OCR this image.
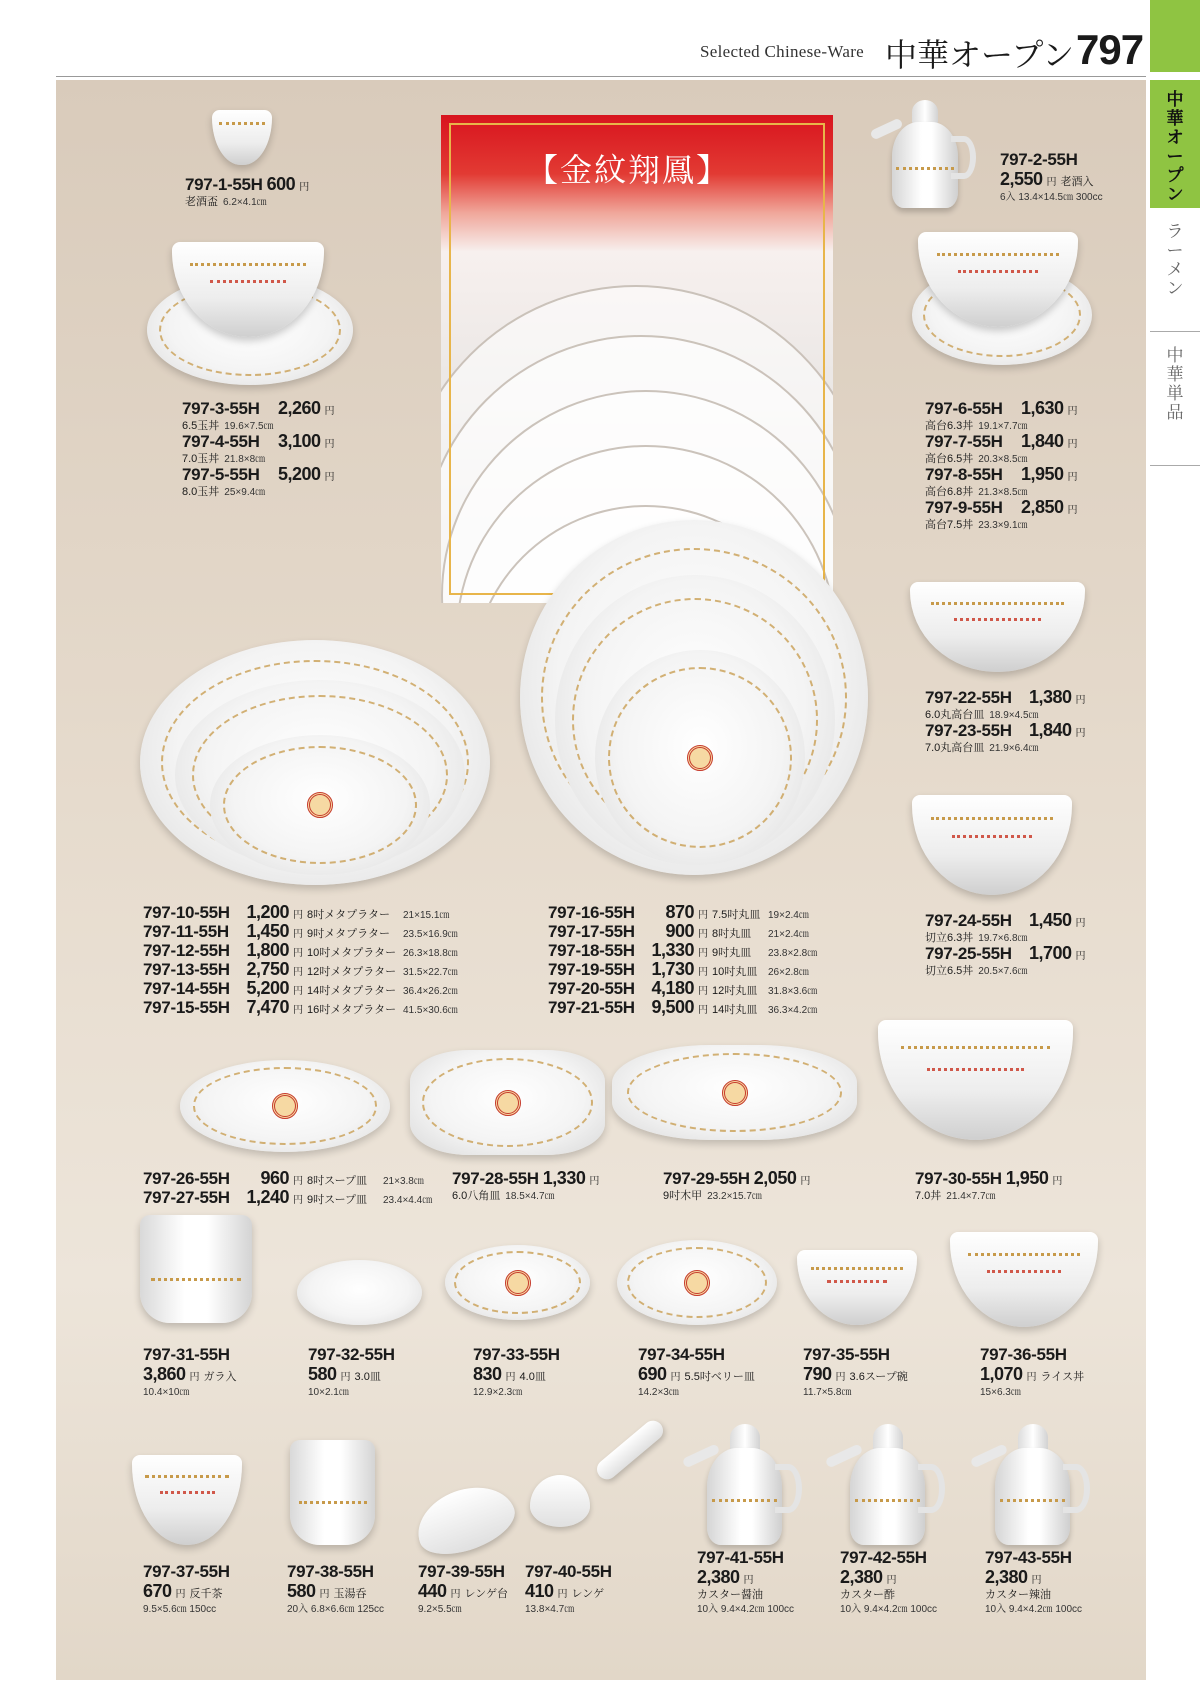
Selected Chinese-Ware 中華オープン 797
中
華
オ
ー
プ
ン
ラ
ー
メ
ン
中
華
単
品
【金紋翔鳳】
797-1-55H 600 円
老酒盃 6.2×4.1㎝
797-2-55H
2,550 円 老酒入
6入 13.4×14.5㎝ 300cc
797-3-55H	2,260 円
6.5玉丼 19.6×7.5㎝
797-4-55H	3,100 円
7.0玉丼 21.8×8㎝
797-5-55H	5,200 円
8.0玉丼 25×9.4㎝
797-6-55H	1,630 円
高台6.3丼 19.1×7.7㎝
797-7-55H	1,840 円
高台6.5丼 20.3×8.5㎝
797-8-55H	1,950 円
高台6.8丼 21.3×8.5㎝
797-9-55H	2,850 円
高台7.5丼 23.3×9.1㎝
797-22-55H 1,380 円
6.0丸高台皿 18.9×4.5㎝
797-23-55H 1,840 円
7.0丸高台皿 21.9×6.4㎝
797-10-55H 1,200 円 8吋メタプラター	21×15.1㎝
797-11-55H 1,450 円 9吋メタプラター	23.5×16.9㎝
797-12-55H 1,800 円 10吋メタプラター 26.3×18.8㎝
797-13-55H 2,750 円 12吋メタプラター 31.5×22.7㎝
797-14-55H 5,200 円 14吋メタプラター 36.4×26.2㎝
797-15-55H 7,470 円 16吋メタプラター 41.5×30.6㎝
797-16-55H	870 円 7.5吋丸皿 19×2.4㎝
797-17-55H	900 円 8吋丸皿	21×2.4㎝
797-18-55H 1,330 円 9吋丸皿	23.8×2.8㎝
797-19-55H 1,730 円 10吋丸皿	26×2.8㎝
797-20-55H 4,180 円 12吋丸皿	31.8×3.6㎝
797-21-55H 9,500 円 14吋丸皿	36.3×4.2㎝
797-24-55H 1,450 円
切立6.3丼 19.7×6.8㎝
797-25-55H 1,700 円
切立6.5丼 20.5×7.6㎝
797-26-55H	960 円 8吋スープ皿	21×3.8㎝
797-27-55H 1,240 円 9吋スープ皿	23.4×4.4㎝
797-28-55H 1,330 円
6.0八角皿 18.5×4.7㎝
797-29-55H 2,050 円
9吋木甲 23.2×15.7㎝
797-30-55H 1,950 円
7.0丼 21.4×7.7㎝
797-31-55H
3,860 円 ガラ入
10.4×10㎝
797-32-55H
580 円 3.0皿
10×2.1㎝
797-33-55H
830 円 4.0皿
12.9×2.3㎝
797-34-55H
690 円 5.5吋ベリー皿
14.2×3㎝
797-35-55H
790 円 3.6スープ碗
11.7×5.8㎝
797-36-55H
1,070 円 ライス丼
15×6.3㎝
797-37-55H
670 円 反千茶
9.5×5.6㎝ 150cc
797-38-55H
580 円 玉湯呑
20入 6.8×6.6㎝ 125cc
797-39-55H
440 円 レンゲ台
9.2×5.5㎝
797-40-55H
410 円 レンゲ
13.8×4.7㎝
797-41-55H
2,380 円
カスター醤油
10入 9.4×4.2㎝ 100cc
797-42-55H
2,380 円
カスター酢
10入 9.4×4.2㎝ 100cc
797-43-55H
2,380 円
カスター辣油
10入 9.4×4.2㎝ 100cc
